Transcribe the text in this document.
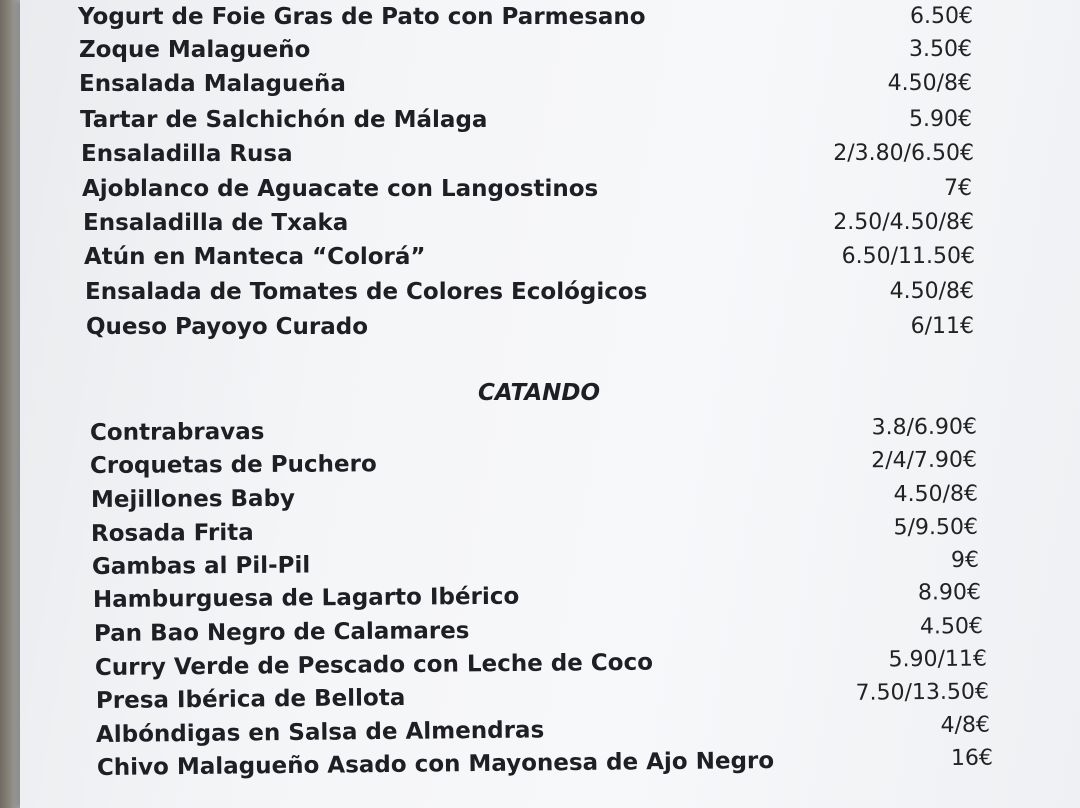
Yogurt de Foie Gras de Pato con Parmesano	6.50€
Zoque Malagueño	3.50€
Ensalada Malagueña	4.50/8€
Tartar de Salchichón de Málaga	5.90€
Ensaladilla Rusa	2/3.80/6.50€
Ajoblanco de Aguacate con Langostinos	7€
Ensaladilla de Txaka	2.50/4.50/8€
Atún en Manteca “Colorá”	6.50/11.50€
Ensalada de Tomates de Colores Ecológicos	4.50/8€
Queso Payoyo Curado	6/11€
CATANDO
Contrabravas	3.8/6.90€
Croquetas de Puchero	2/4/7.90€
Mejillones Baby	4.50/8€
Rosada Frita	5/9.50€
Gambas al Pil-Pil	9€
Hamburguesa de Lagarto Ibérico	8.90€
Pan Bao Negro de Calamares	4.50€
Curry Verde de Pescado con Leche de Coco	5.90/11€
Presa Ibérica de Bellota	7.50/13.50€
Albóndigas en Salsa de Almendras	4/8€
Chivo Malagueño Asado con Mayonesa de Ajo Negro	16€
